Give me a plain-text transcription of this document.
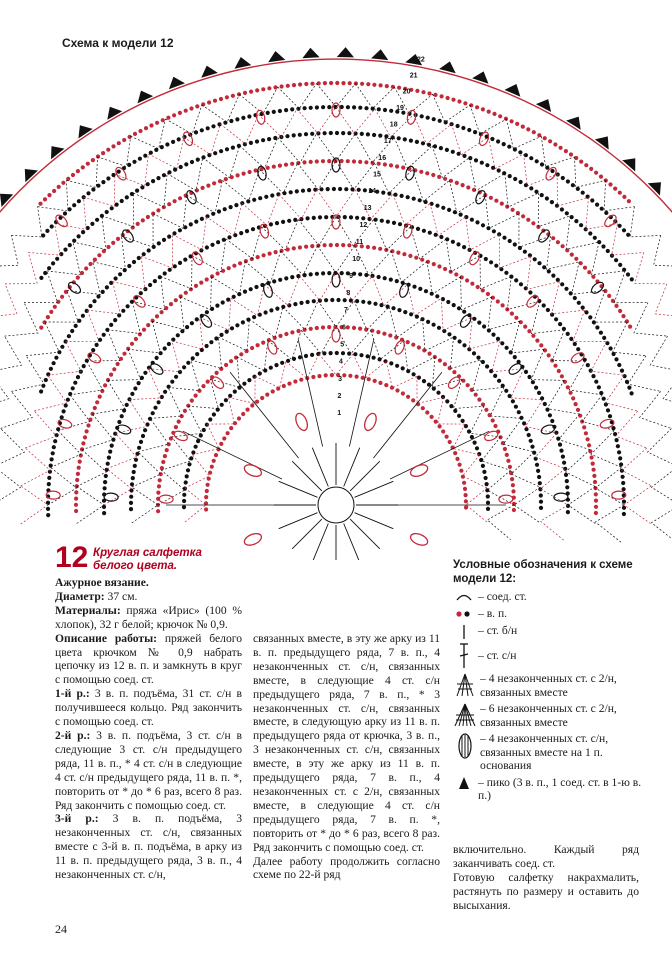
1
2
3
4
5
6
7
8
9
10
11
12
13
14
15
16
17
18
19
20
21
22
Схема к модели 12
12 Круглая салфетка белого цвета.

Ажурное вязание.

Диаметр: 37 см.

Материалы: пряжа «Ирис» (100 % хлопок), 32 г белой; крючок № 0,9.

Описание работы: пряжей белого цвета крючком № 0,9 набрать цепочку из 12 в. п. и замкнуть в круг с помощью соед. ст.

1-й р.: 3 в. п. подъёма, 31 ст. с/н в получившееся кольцо. Ряд закончить с помощью соед. ст.

2-й р.: 3 в. п. подъёма, 3 ст. с/н в следующие 3 ст. с/н предыдущего ряда, 11 в. п., * 4 ст. с/н в следующие 4 ст. с/н предыдущего ряда, 11 в. п. *, повторить от * до * 6 раз, всего 8 раз. Ряд закончить с помощью соед. ст.

3-й р.: 3 в. п. подъёма, 3 незаконченных ст. с/н, связанных вместе с 3-й в. п. подъёма, в арку из 11 в. п. предыдущего ряда, 3 в. п., 4 незаконченных ст. с/н,

связанных вместе, в эту же арку из 11 в. п. предыдущего ряда, 7 в. п., 4 незаконченных ст. с/н, связанных вместе, в следующие 4 ст. с/н предыдущего ряда, 7 в. п., * 3 незаконченных ст. с/н, связанных вместе, в следующую арку из 11 в. п. предыдущего ряда от крючка, 3 в. п., 3 незаконченных ст. с/н, связанных вместе, в эту же арку из 11 в. п. предыдущего ряда, 7 в. п., 4 незаконченных ст. с 2/н, связанных вместе, в следующие 4 ст. с/н предыдущего ряда, 7 в. п. *, повторить от * до * 6 раз, всего 8 раз. Ряд закончить с помощью соед. ст.

Далее работу продолжить согласно схеме по 22-й ряд

Условные обозначения к схеме модели 12:
– соед. ст.
– в. п.
– ст. б/н
– ст. с/н
– 4 незаконченных ст. с 2/н, связанных вместе
– 6 незаконченных ст. с 2/н, связанных вместе
– 4 незаконченных ст. с/н, связанных вместе на 1 п. основания
– пико (3 в. п., 1 соед. ст. в 1-ю в. п.)

включительно. Каждый ряд заканчивать соед. ст.

Готовую салфетку накрахмалить, растянуть по размеру и оставить до высыхания.

24
